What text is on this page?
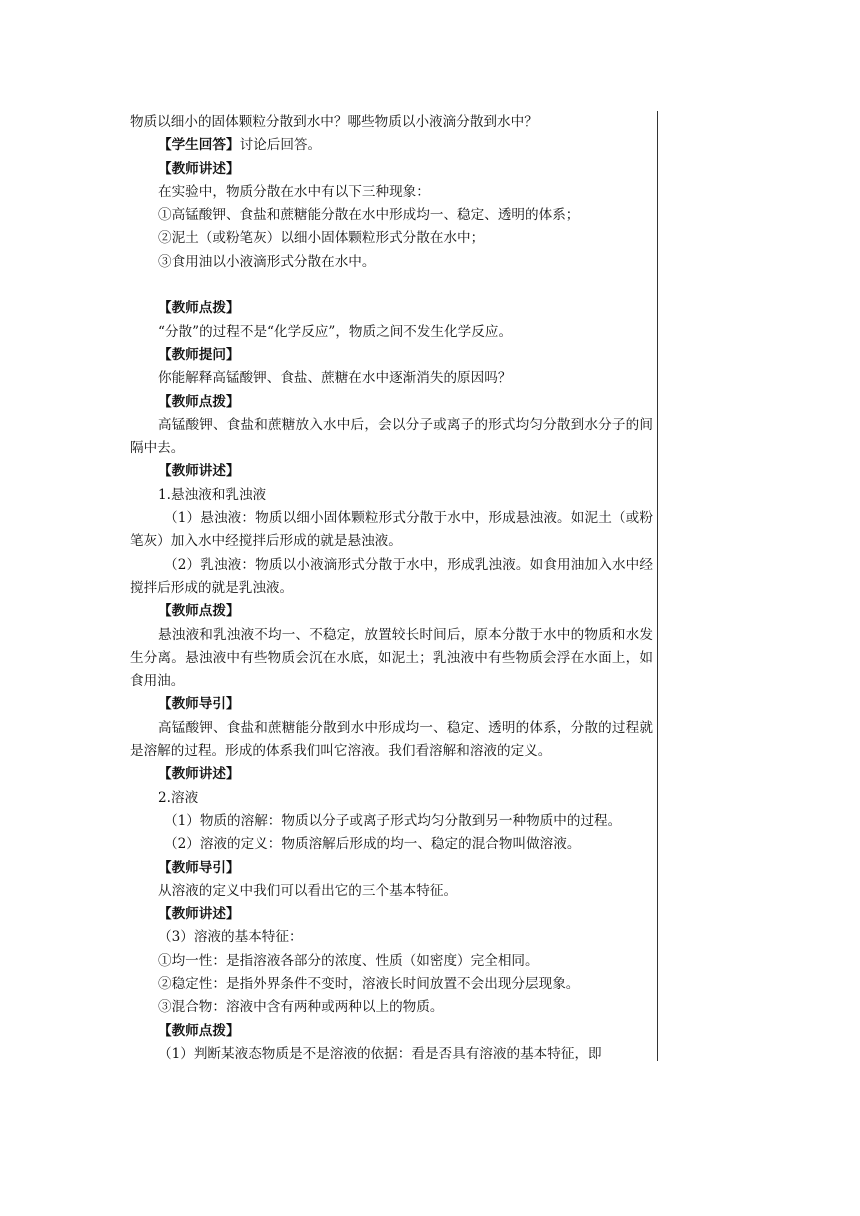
物质以细小的固体颗粒分散到水中？哪些物质以小液滴分散到水中？

【学生回答】讨论后回答。

【教师讲述】

在实验中，物质分散在水中有以下三种现象：

①高锰酸钾、食盐和蔗糖能分散在水中形成均一、稳定、透明的体系；

②泥土（或粉笔灰）以细小固体颗粒形式分散在水中；

③食用油以小液滴形式分散在水中。

【教师点拨】

“分散”的过程不是“化学反应”，物质之间不发生化学反应。

【教师提问】

你能解释高锰酸钾、食盐、蔗糖在水中逐渐消失的原因吗？

【教师点拨】

高锰酸钾、食盐和蔗糖放入水中后，会以分子或离子的形式均匀分散到水分子的间隔中去。

【教师讲述】

1.悬浊液和乳浊液

（1）悬浊液：物质以细小固体颗粒形式分散于水中，形成悬浊液。如泥土（或粉笔灰）加入水中经搅拌后形成的就是悬浊液。

（2）乳浊液：物质以小液滴形式分散于水中，形成乳浊液。如食用油加入水中经搅拌后形成的就是乳浊液。

【教师点拨】

悬浊液和乳浊液不均一、不稳定，放置较长时间后，原本分散于水中的物质和水发生分离。悬浊液中有些物质会沉在水底，如泥土；乳浊液中有些物质会浮在水面上，如食用油。

【教师导引】

高锰酸钾、食盐和蔗糖能分散到水中形成均一、稳定、透明的体系，分散的过程就是溶解的过程。形成的体系我们叫它溶液。我们看溶解和溶液的定义。

【教师讲述】

2.溶液

（1）物质的溶解：物质以分子或离子形式均匀分散到另一种物质中的过程。

（2）溶液的定义：物质溶解后形成的均一、稳定的混合物叫做溶液。

【教师导引】

从溶液的定义中我们可以看出它的三个基本特征。

【教师讲述】

（3）溶液的基本特征：

①均一性：是指溶液各部分的浓度、性质（如密度）完全相同。

②稳定性：是指外界条件不变时，溶液长时间放置不会出现分层现象。

③混合物：溶液中含有两种或两种以上的物质。

【教师点拨】

（1）判断某液态物质是不是溶液的依据：看是否具有溶液的基本特征，即
